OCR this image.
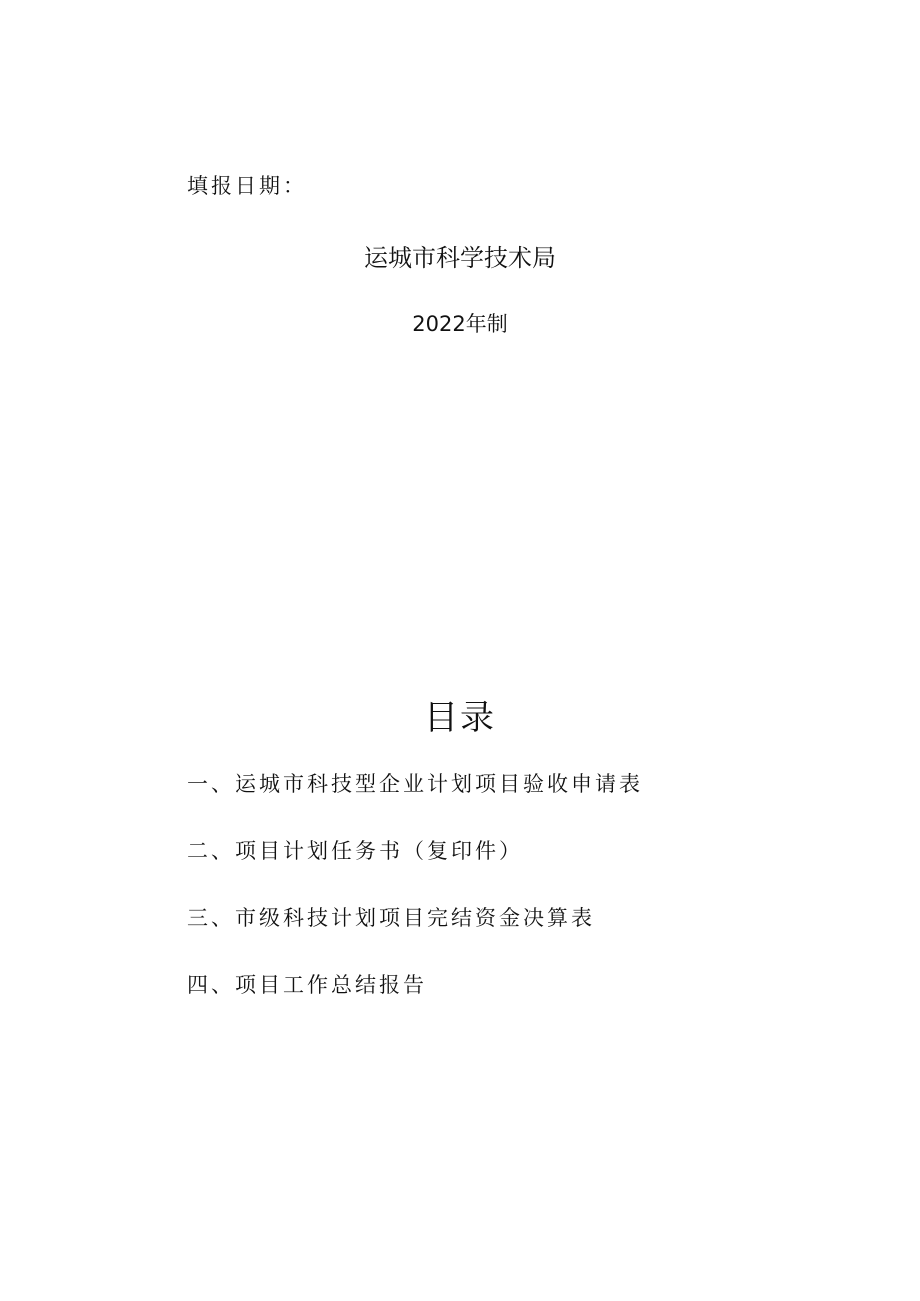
填报日期：
运城市科学技术局
2022年制
目录
一、运城市科技型企业计划项目验收申请表
二、项目计划任务书（复印件）
三、市级科技计划项目完结资金决算表
四、项目工作总结报告
